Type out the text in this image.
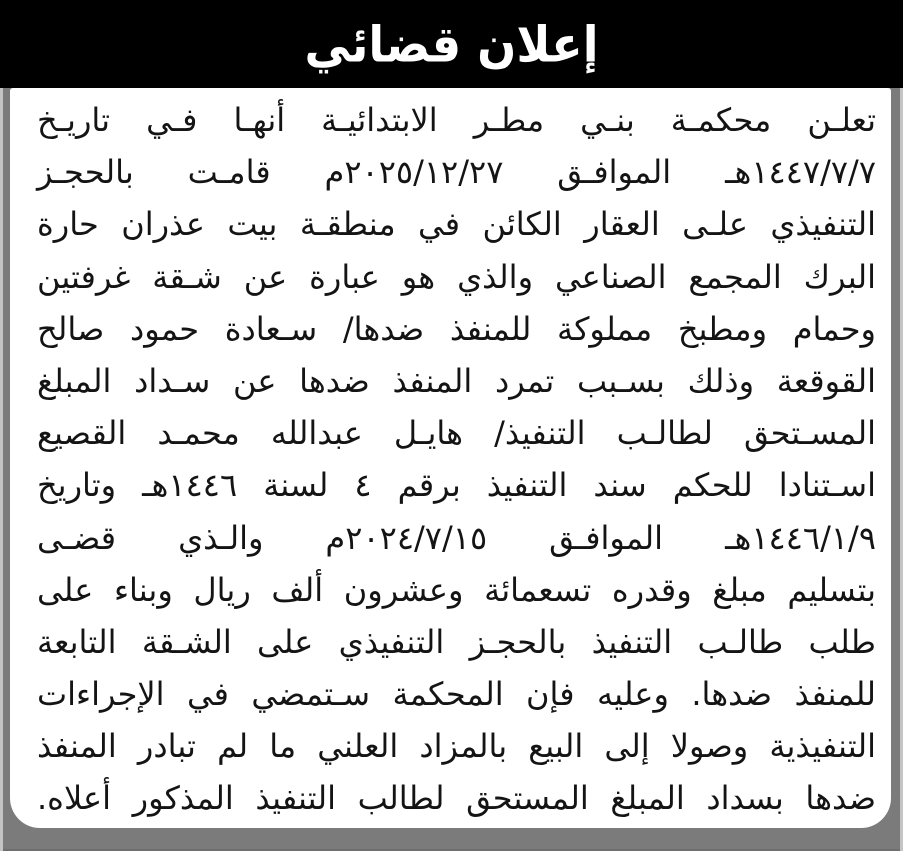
إعلان قضائي
تعلـن محكمـة بنـي مطـر الابتدائيـة أنهـا فـي تاريـخ
١٤٤٧/٧/٧هـ الموافـق ٢٠٢٥/١٢/٢٧م قامـت بالحجـز
التنفيذي علـى العقار الكائن في منطقـة بيت عذران حارة
البرك المجمع الصناعي والذي هو عبارة عن شـقة غرفتين
وحمام ومطبخ مملوكة للمنفذ ضدها/ سـعادة حمود صالح
القوقعة وذلك بسـبب تمرد المنفذ ضدها عن سـداد المبلغ
المسـتحق لطالـب التنفيذ/ هايـل عبدالله محمـد القصيع
اسـتنادا للحكم سند التنفيذ برقم ٤ لسنة ١٤٤٦هـ وتاريخ
١٤٤٦/١/٩هـ الموافـق ٢٠٢٤/٧/١٥م والـذي قضـى
بتسليم مبلغ وقدره تسعمائة وعشرون ألف ريال وبناء على
طلب طالـب التنفيذ بالحجـز التنفيذي على الشـقة التابعة
للمنفذ ضدها. وعليه فإن المحكمة سـتمضي في الإجراءات
التنفيذية وصولا إلى البيع بالمزاد العلني ما لم تبادر المنفذ
ضدها بسداد المبلغ المستحق لطالب التنفيذ المذكور أعلاه.
